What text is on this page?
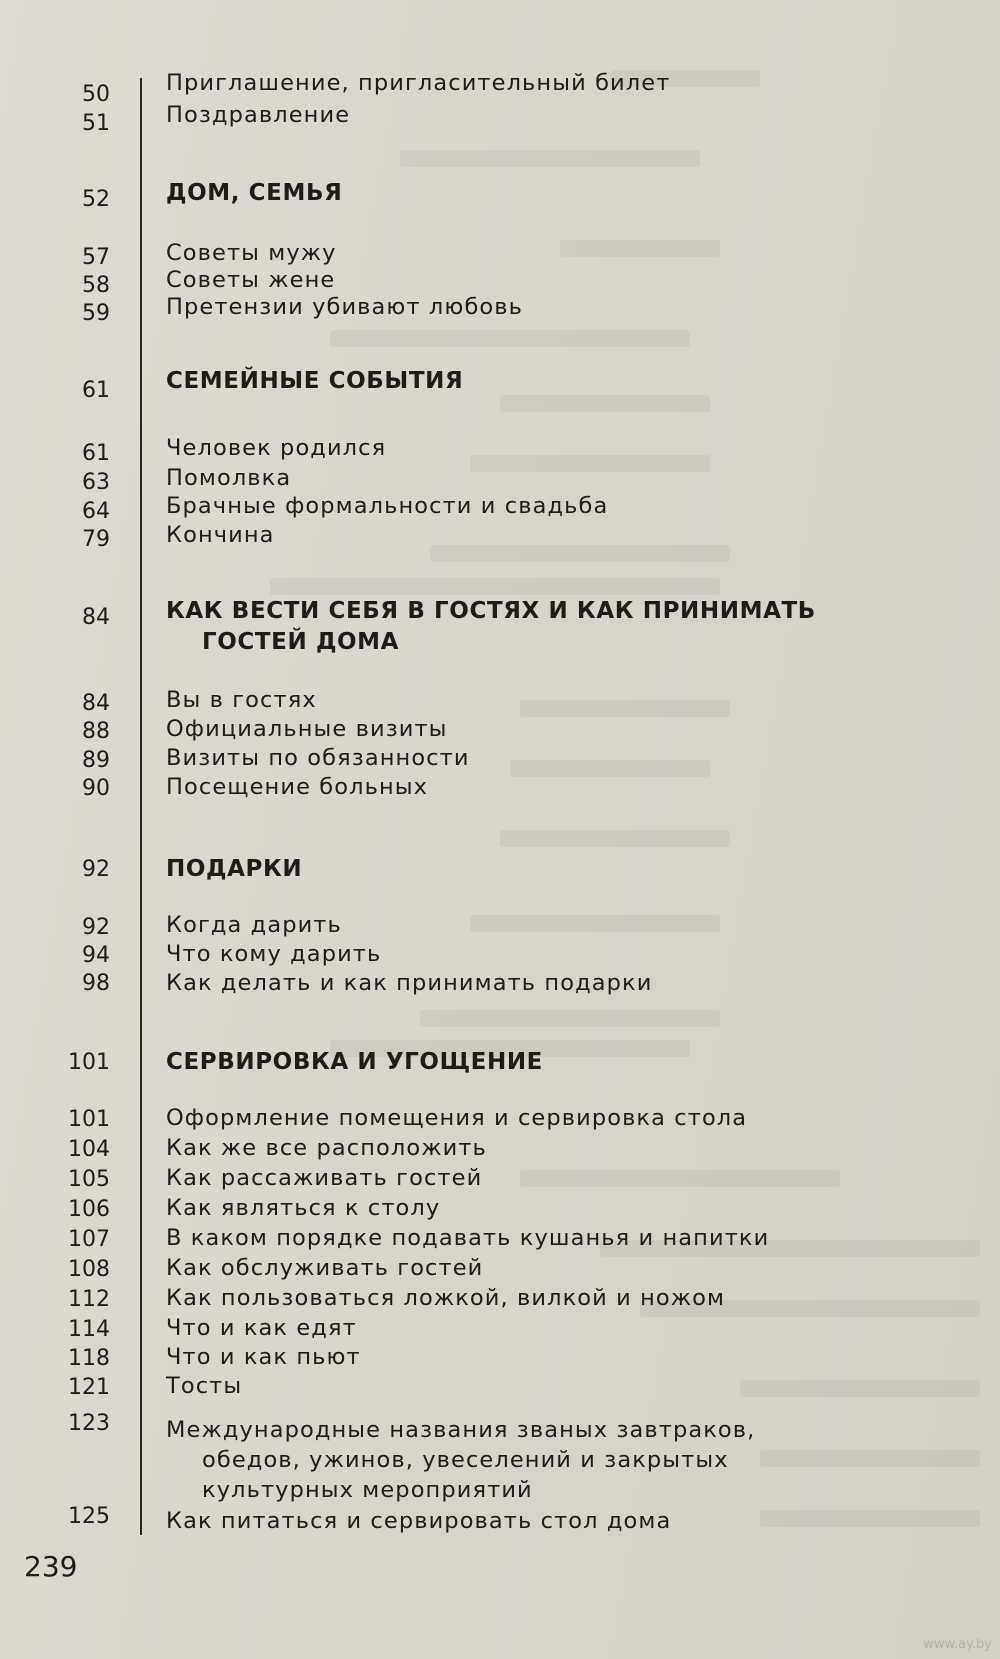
50 Приглашение, пригласительный билет
51 Поздравление
52 ДОМ, СЕМЬЯ
57 Советы мужу
58 Советы жене
59 Претензии убивают любовь
61 СЕМЕЙНЫЕ СОБЫТИЯ
61 Человек родился
63 Помолвка
64 Брачные формальности и свадьба
79 Кончина
84 КАК ВЕСТИ СЕБЯ В ГОСТЯХ И КАК ПРИНИМАТЬ
ГОСТЕЙ ДОМА
84 Вы в гостях
88 Официальные визиты
89 Визиты по обязанности
90 Посещение больных
92 ПОДАРКИ
92 Когда дарить
94 Что кому дарить
98 Как делать и как принимать подарки
101 СЕРВИРОВКА И УГОЩЕНИЕ
101 Оформление помещения и сервировка стола
104 Как же все расположить
105 Как рассаживать гостей
106 Как являться к столу
107 В каком порядке подавать кушанья и напитки
108 Как обслуживать гостей
112 Как пользоваться ложкой, вилкой и ножом
114 Что и как едят
118 Что и как пьют
121 Тосты
123 Международные названия званых завтраков,
обедов, ужинов, увеселений и закрытых
культурных мероприятий
125 Как питаться и сервировать стол дома
239
www.ay.by
